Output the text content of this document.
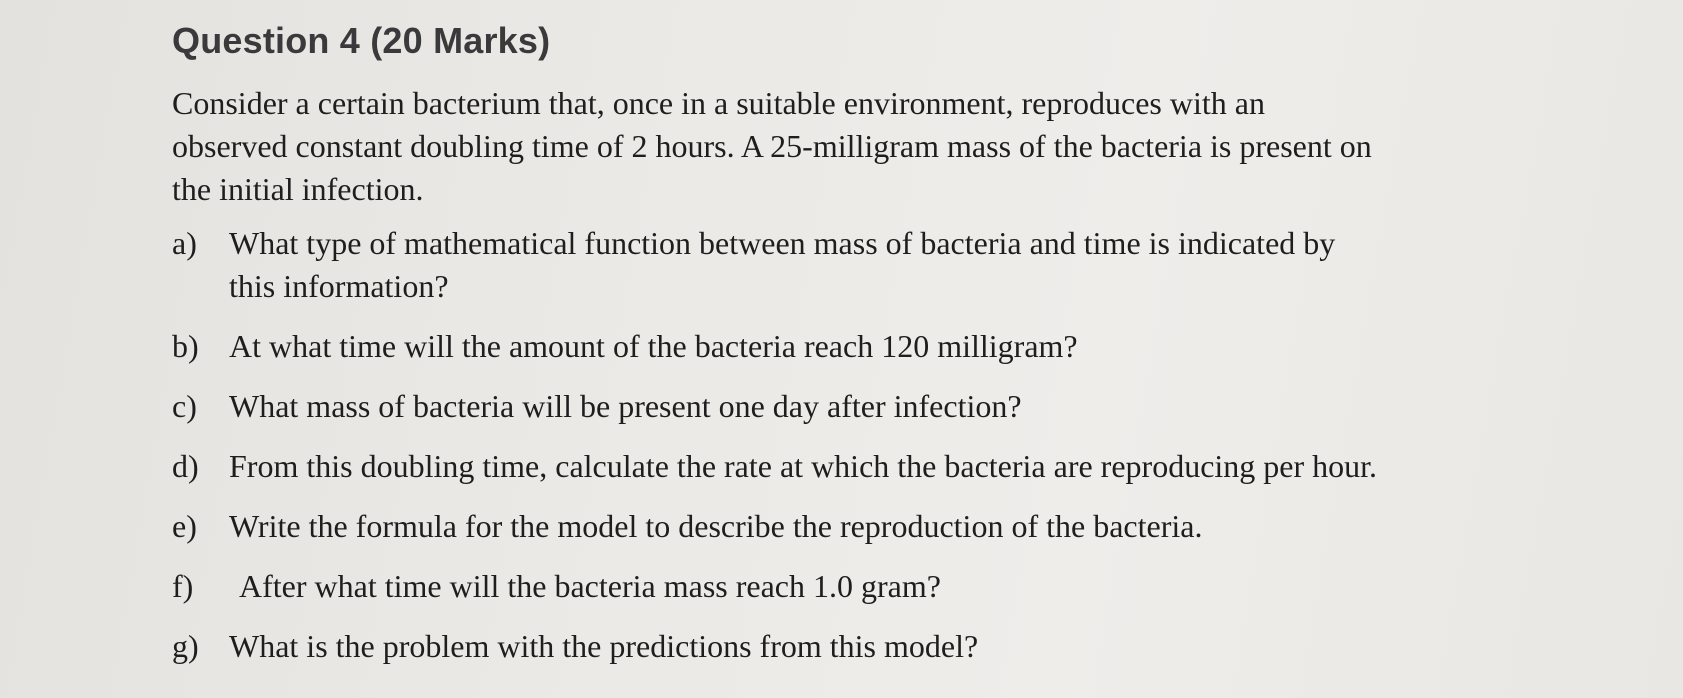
Question 4 (20 Marks)
Consider a certain bacterium that, once in a suitable environment, reproduces with an
observed constant doubling time of 2 hours. A 25-milligram mass of the bacteria is present on
the initial infection.
a) What type of mathematical function between mass of bacteria and time is indicated by
this information?
b) At what time will the amount of the bacteria reach 120 milligram?
c) What mass of bacteria will be present one day after infection?
d) From this doubling time, calculate the rate at which the bacteria are reproducing per hour.
e) Write the formula for the model to describe the reproduction of the bacteria.
f) After what time will the bacteria mass reach 1.0 gram?
g) What is the problem with the predictions from this model?
